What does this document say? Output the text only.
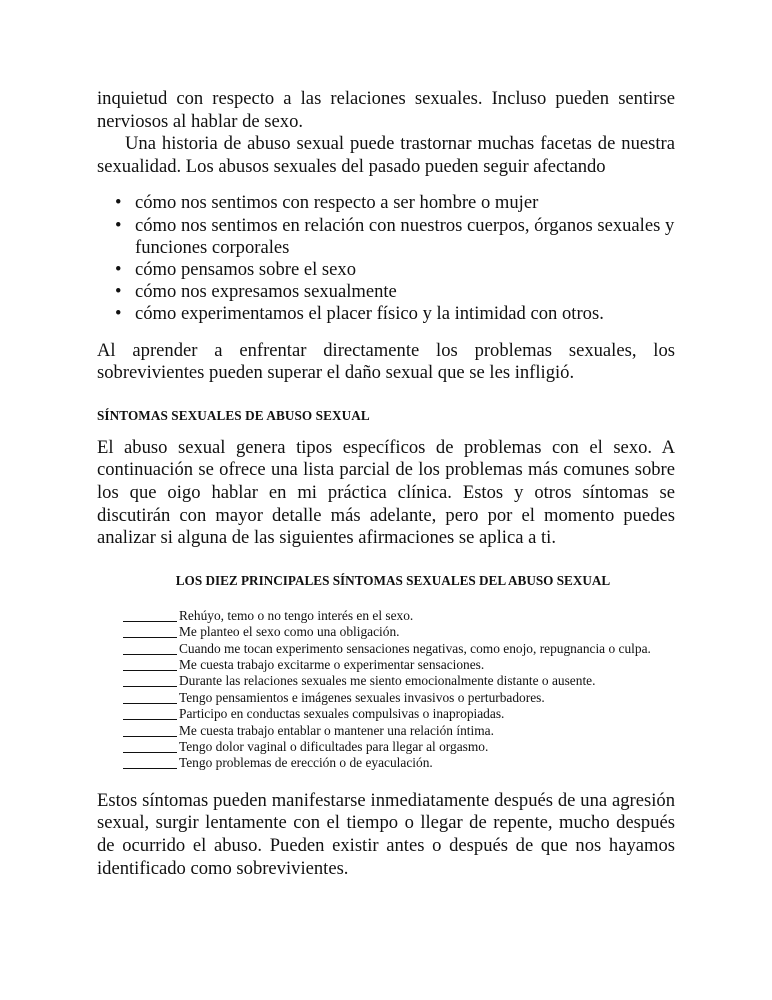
inquietud con respecto a las relaciones sexuales. Incluso pueden sentirse nerviosos al hablar de sexo.

Una historia de abuso sexual puede trastornar muchas facetas de nuestra sexualidad. Los abusos sexuales del pasado pueden seguir afectando

• cómo nos sentimos con respecto a ser hombre o mujer
• cómo nos sentimos en relación con nuestros cuerpos, órganos sexuales y funciones corporales
• cómo pensamos sobre el sexo
• cómo nos expresamos sexualmente
• cómo experimentamos el placer físico y la intimidad con otros.

Al aprender a enfrentar directamente los problemas sexuales, los sobrevivientes pueden superar el daño sexual que se les infligió.

SÍNTOMAS SEXUALES DE ABUSO SEXUAL

El abuso sexual genera tipos específicos de problemas con el sexo. A continuación se ofrece una lista parcial de los problemas más comunes sobre los que oigo hablar en mi práctica clínica. Estos y otros síntomas se discutirán con mayor detalle más adelante, pero por el momento puedes analizar si alguna de las siguientes afirmaciones se aplica a ti.

LOS DIEZ PRINCIPALES SÍNTOMAS SEXUALES DEL ABUSO SEXUAL
Rehúyo, temo o no tengo interés en el sexo.
Me planteo el sexo como una obligación.
Cuando me tocan experimento sensaciones negativas, como enojo, repugnancia o culpa.
Me cuesta trabajo excitarme o experimentar sensaciones.
Durante las relaciones sexuales me siento emocionalmente distante o ausente.
Tengo pensamientos e imágenes sexuales invasivos o perturbadores.
Participo en conductas sexuales compulsivas o inapropiadas.
Me cuesta trabajo entablar o mantener una relación íntima.
Tengo dolor vaginal o dificultades para llegar al orgasmo.
Tengo problemas de erección o de eyaculación.

Estos síntomas pueden manifestarse inmediatamente después de una agresión sexual, surgir lentamente con el tiempo o llegar de repente, mucho después de ocurrido el abuso. Pueden existir antes o después de que nos hayamos identificado como sobrevivientes.
